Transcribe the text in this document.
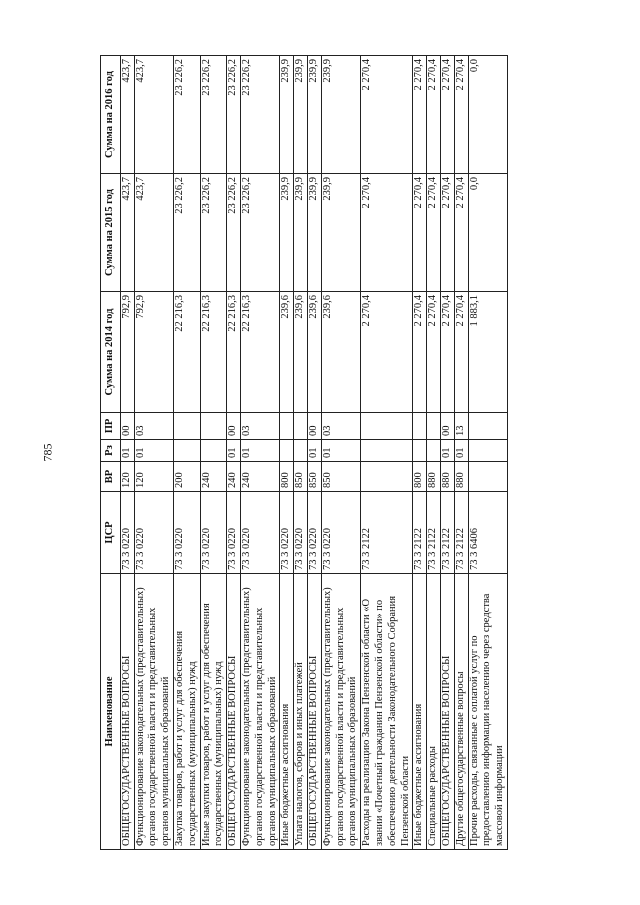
785
Наименование	ЦСР	ВР	Рз	ПР	Сумма на 2014 год	Сумма на 2015 год	Сумма на 2016 год
ОБЩЕГОСУДАРСТВЕННЫЕ ВОПРОСЫ	73 3 0220	120	01	00	792,9	423,7	423,7
Функционирование законодательных (представительных) органов государственной власти и представительных органов муниципальных образований	73 3 0220	120	01	03	792,9	423,7	423,7
Закупка товаров, работ и услуг для обеспечения государственных (муниципальных) нужд	73 3 0220	200			22 216,3	23 226,2	23 226,2
Иные закупки товаров, работ и услуг для обеспечения государственных (муниципальных) нужд	73 3 0220	240			22 216,3	23 226,2	23 226,2
ОБЩЕГОСУДАРСТВЕННЫЕ ВОПРОСЫ	73 3 0220	240	01	00	22 216,3	23 226,2	23 226,2
Функционирование законодательных (представительных) органов государственной власти и представительных органов муниципальных образований	73 3 0220	240	01	03	22 216,3	23 226,2	23 226,2
Иные бюджетные ассигнования	73 3 0220	800			239,6	239,9	239,9
Уплата налогов, сборов и иных платежей	73 3 0220	850			239,6	239,9	239,9
ОБЩЕГОСУДАРСТВЕННЫЕ ВОПРОСЫ	73 3 0220	850	01	00	239,6	239,9	239,9
Функционирование законодательных (представительных) органов государственной власти и представительных органов муниципальных образований	73 3 0220	850	01	03	239,6	239,9	239,9
Расходы на реализацию Закона Пензенской области «О звании «Почетный гражданин Пензенской области» по обеспечению деятельности Законодательного Собрания Пензенской области	73 3 2122				2 270,4	2 270,4	2 270,4
Иные бюджетные ассигнования	73 3 2122	800			2 270,4	2 270,4	2 270,4
Специальные расходы	73 3 2122	880			2 270,4	2 270,4	2 270,4
ОБЩЕГОСУДАРСТВЕННЫЕ ВОПРОСЫ	73 3 2122	880	01	00	2 270,4	2 270,4	2 270,4
Другие общегосударственные вопросы	73 3 2122	880	01	13	2 270,4	2 270,4	2 270,4
Прочие расходы, связанные с оплатой услуг по предоставлению информации населению через средства массовой информации	73 3 6406				1 883,1	0,0	0,0
